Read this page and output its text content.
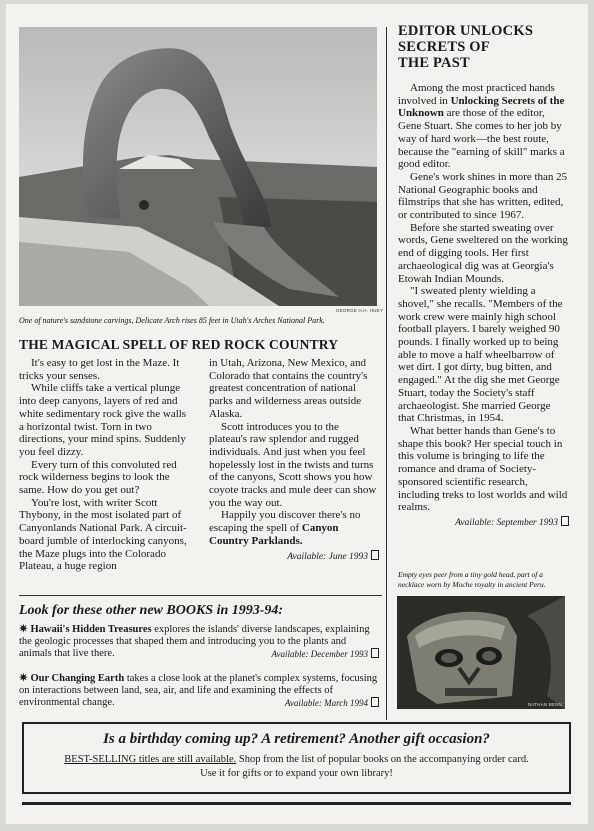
GEORGE H.H. HUEY
One of nature's sandstone carvings, Delicate Arch rises 85 feet in Utah's Arches National Park.
THE MAGICAL SPELL OF RED ROCK COUNTRY

It's easy to get lost in the Maze. It tricks your senses.

While cliffs take a vertical plunge into deep canyons, layers of red and white sedimentary rock give the walls a horizontal twist. Torn in two directions, your mind spins. Suddenly you feel dizzy.

Every turn of this convoluted red rock wilderness begins to look the same. How do you get out?

You're lost, with writer Scott Thybony, in the most isolated part of Canyonlands National Park. A circuit-board jumble of interlocking canyons, the Maze plugs into the Colorado Plateau, a huge region

in Utah, Arizona, New Mexico, and Colorado that contains the country's greatest concentration of national parks and wilderness areas outside Alaska.

Scott introduces you to the plateau's raw splendor and rugged individuals. And just when you feel hopelessly lost in the twists and turns of the canyons, Scott shows you how coyote tracks and mule deer can show you the way out.

Happily you discover there's no escaping the spell of Canyon Country Parklands.

Available: June 1993
EDITOR UNLOCKS
SECRETS OF
THE PAST

Among the most practiced hands involved in Unlocking Secrets of the Unknown are those of the editor, Gene Stuart. She comes to her job by way of hard work—the best route, because the "earning of skill" marks a good editor.

Gene's work shines in more than 25 National Geographic books and filmstrips that she has written, edited, or contributed to since 1967.

Before she started sweating over words, Gene sweltered on the working end of digging tools. Her first archaeological dig was at Georgia's Etowah Indian Mounds.

"I sweated plenty wielding a shovel," she recalls. "Members of the work crew were mainly high school football players. I barely weighed 90 pounds. I finally worked up to being able to move a half wheelbarrow of wet dirt. I got dirty, bug bitten, and engaged." At the dig she met George Stuart, today the Society's staff archaeologist. She married George that Christmas, in 1954.

What better hands than Gene's to shape this book? Her special touch in this volume is bringing to life the romance and drama of Society-sponsored scientific research, including treks to lost worlds and wild realms.

Available: September 1993
Empty eyes peer from a tiny gold head, part of a necklace worn by Moche royalty in ancient Peru.
NATHAN BENN
Look for these other new BOOKS in 1993-94:
✷ Hawaii's Hidden Treasures explores the islands' diverse landscapes, explaining the geologic processes that shaped them and introducing you to the plants and animals that live there.	Available: December 1993
✷ Our Changing Earth takes a close look at the planet's complex systems, focusing on interactions between land, sea, air, and life and examining the effects of environmental change.	Available: March 1994
Is a birthday coming up? A retirement? Another gift occasion?
BEST-SELLING titles are still available. Shop from the list of popular books on the accompanying order card.
Use it for gifts or to expand your own library!
